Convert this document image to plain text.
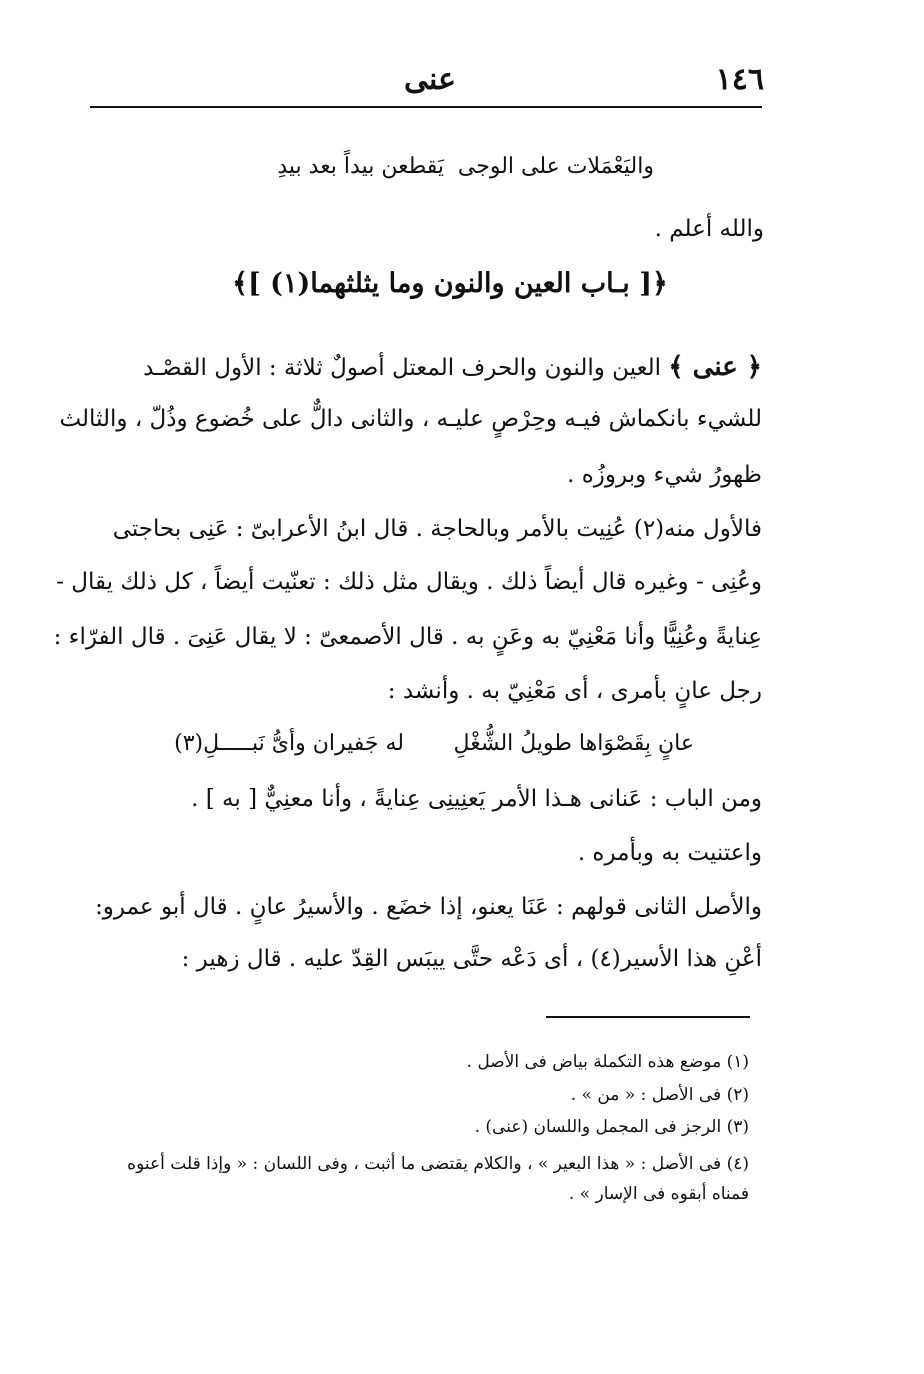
١٤٦
عنى
واليَعْمَلات على الوجى
يَقطعن بيداً بعد بيدِ
والله أعلم .
﴿[ بـاب العين والنون وما يثلثهما(١) ]﴾
﴿ عنى ﴾ العين والنون والحرف المعتل أصولٌ ثلاثة : الأول القصْـد
للشيء بانكماش فيـه وحِرْصٍ عليـه ، والثانى دالٌّ على خُضوع وذُلّ ، والثالث
ظهورُ شيء وبروزُه .
فالأول منه(٢) عُنِيت بالأمر وبالحاجة . قال ابنُ الأعرابىّ : عَنِى بحاجتى
وعُنِى - وغيره قال أيضاً ذلك . ويقال مثل ذلك : تعنّيت أيضاً ، كل ذلك يقال -
عِنايةً وعُنِيًّا وأنا مَعْنِيّ به وعَنٍ به . قال الأصمعىّ : لا يقال عَنِىَ . قال الفرّاء :
رجل عانٍ بأمرى ، أى مَعْنِيّ به . وأنشد :
عانٍ بِقَصْوَاها طويلُ الشُّغْلِ
له جَفيران وأىُّ نَبـــــلِ(٣)
ومن الباب : عَنانى هـذا الأمر يَعنِينِى عِنايةً ، وأنا معنِيٌّ [ به ] .
واعتنيت به وبأمره .
والأصل الثانى قولهم : عَنَا يعنو، إذا خضَع . والأسيرُ عانٍ . قال أبو عمرو:
أعْنِ هذا الأسير(٤) ، أى دَعْه حتَّى ييبَس القِدّ عليه . قال زهير :
(١) موضع هذه التكملة بياض فى الأصل .
(٢) فى الأصل : « من » .
(٣) الرجز فى المجمل واللسان (عنى) .
(٤) فى الأصل : « هذا البعير » ، والكلام يقتضى ما أثبت ، وفى اللسان : « وإذا قلت أعنوه
فمناه أبقوه فى الإسار » .
